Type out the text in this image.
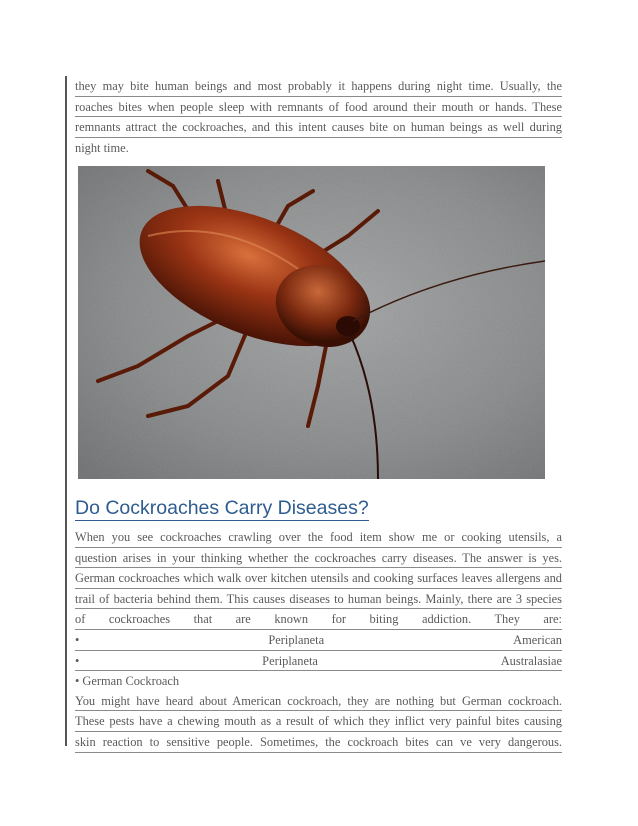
they may bite human beings and most probably it happens during night time. Usually, the
roaches bites when people sleep with remnants of food around their mouth or hands. These
remnants attract the cockroaches, and this intent causes bite on human beings as well during
night time.
Do Cockroaches Carry Diseases?
When you see cockroaches crawling over the food item show me or cooking utensils, a
question arises in your thinking whether the cockroaches carry diseases. The answer is yes.
German cockroaches which walk over kitchen utensils and cooking surfaces leaves allergens and
trail of bacteria behind them. This causes diseases to human beings. Mainly, there are 3 species
of cockroaches that are known for biting addiction. They are:
•	Periplaneta	American
•	Periplaneta	Australasiae
• German Cockroach
You might have heard about American cockroach, they are nothing but German cockroach.
These pests have a chewing mouth as a result of which they inflict very painful bites causing
skin reaction to sensitive people. Sometimes, the cockroach bites can ve very dangerous.
